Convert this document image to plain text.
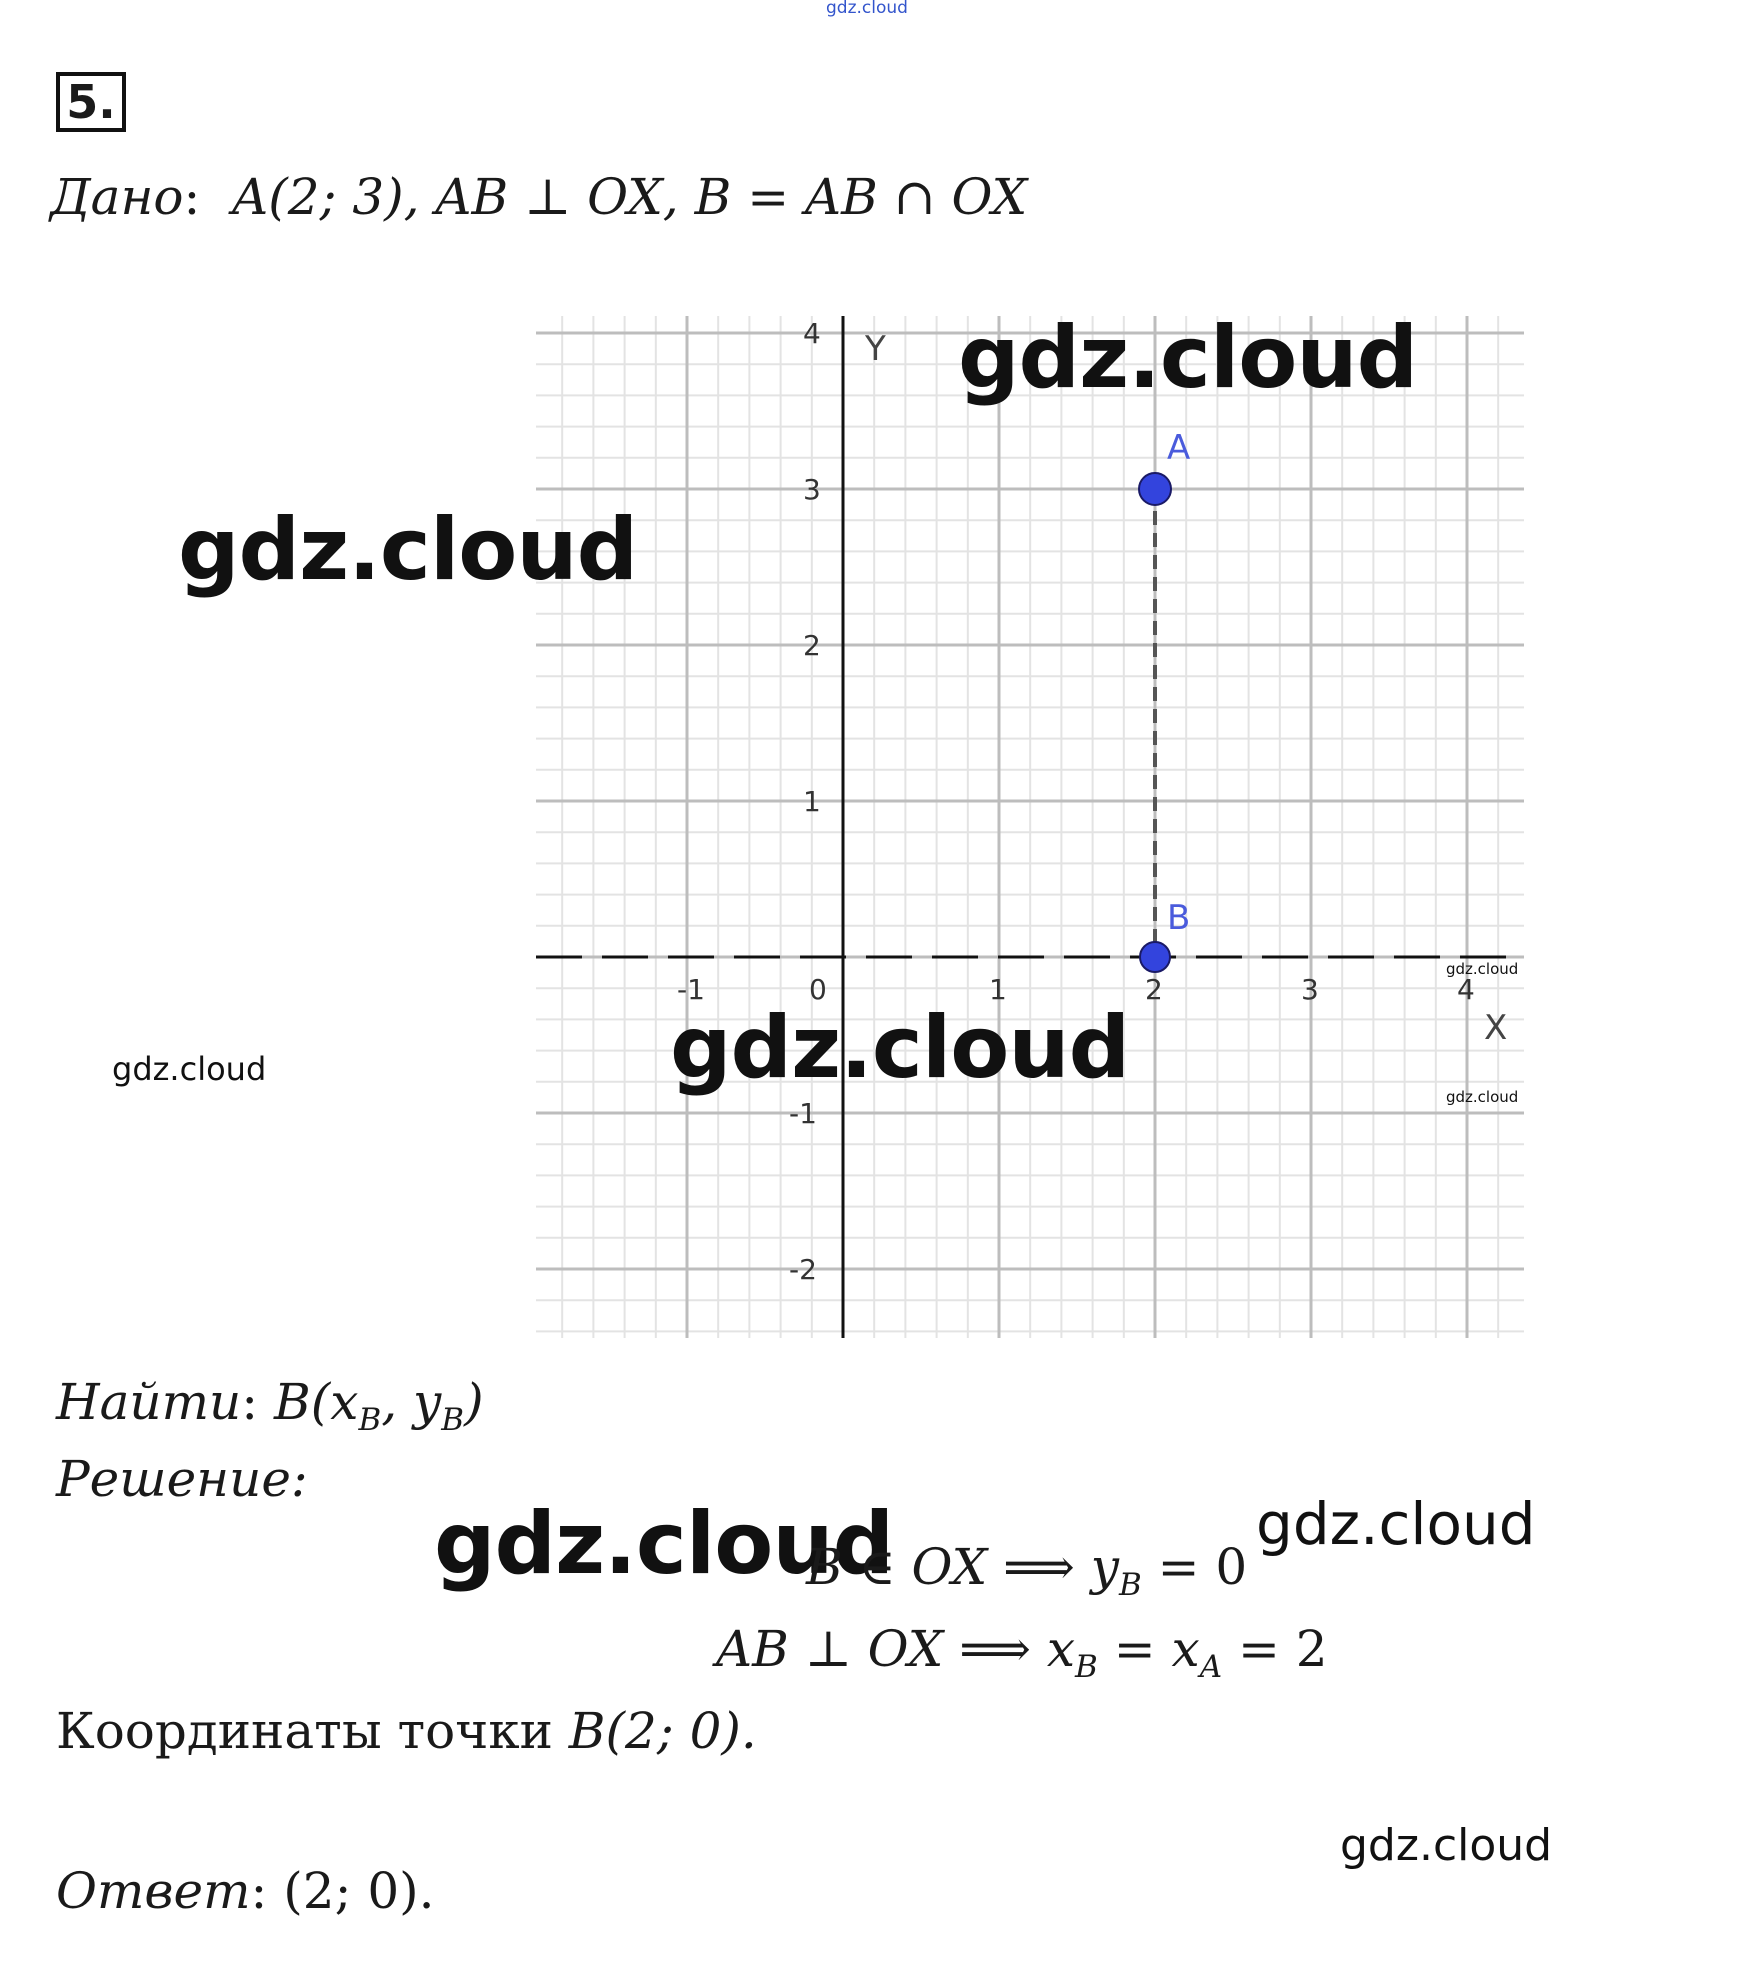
gdz.cloud
5.
Дано: A(2; 3), AB ⊥ OX, B = AB ∩ OX
-1	0	1	2	3	4
4
3
2
1
-1
-2
Y
X
A
B
gdz.cloud
gdz.cloud
gdz.cloud
gdz.cloud
gdz.cloud
gdz.cloud
Найти: $B(x_B$, $y_B$)
Решение:
gdz.cloud
B ∈ OX ⟹ $y_B = 0$
gdz.cloud
AB ⊥ OX ⟹ $x_B = x_A = 2$
Координаты точки B(2; 0).
gdz.cloud
Ответ: (2; 0).
